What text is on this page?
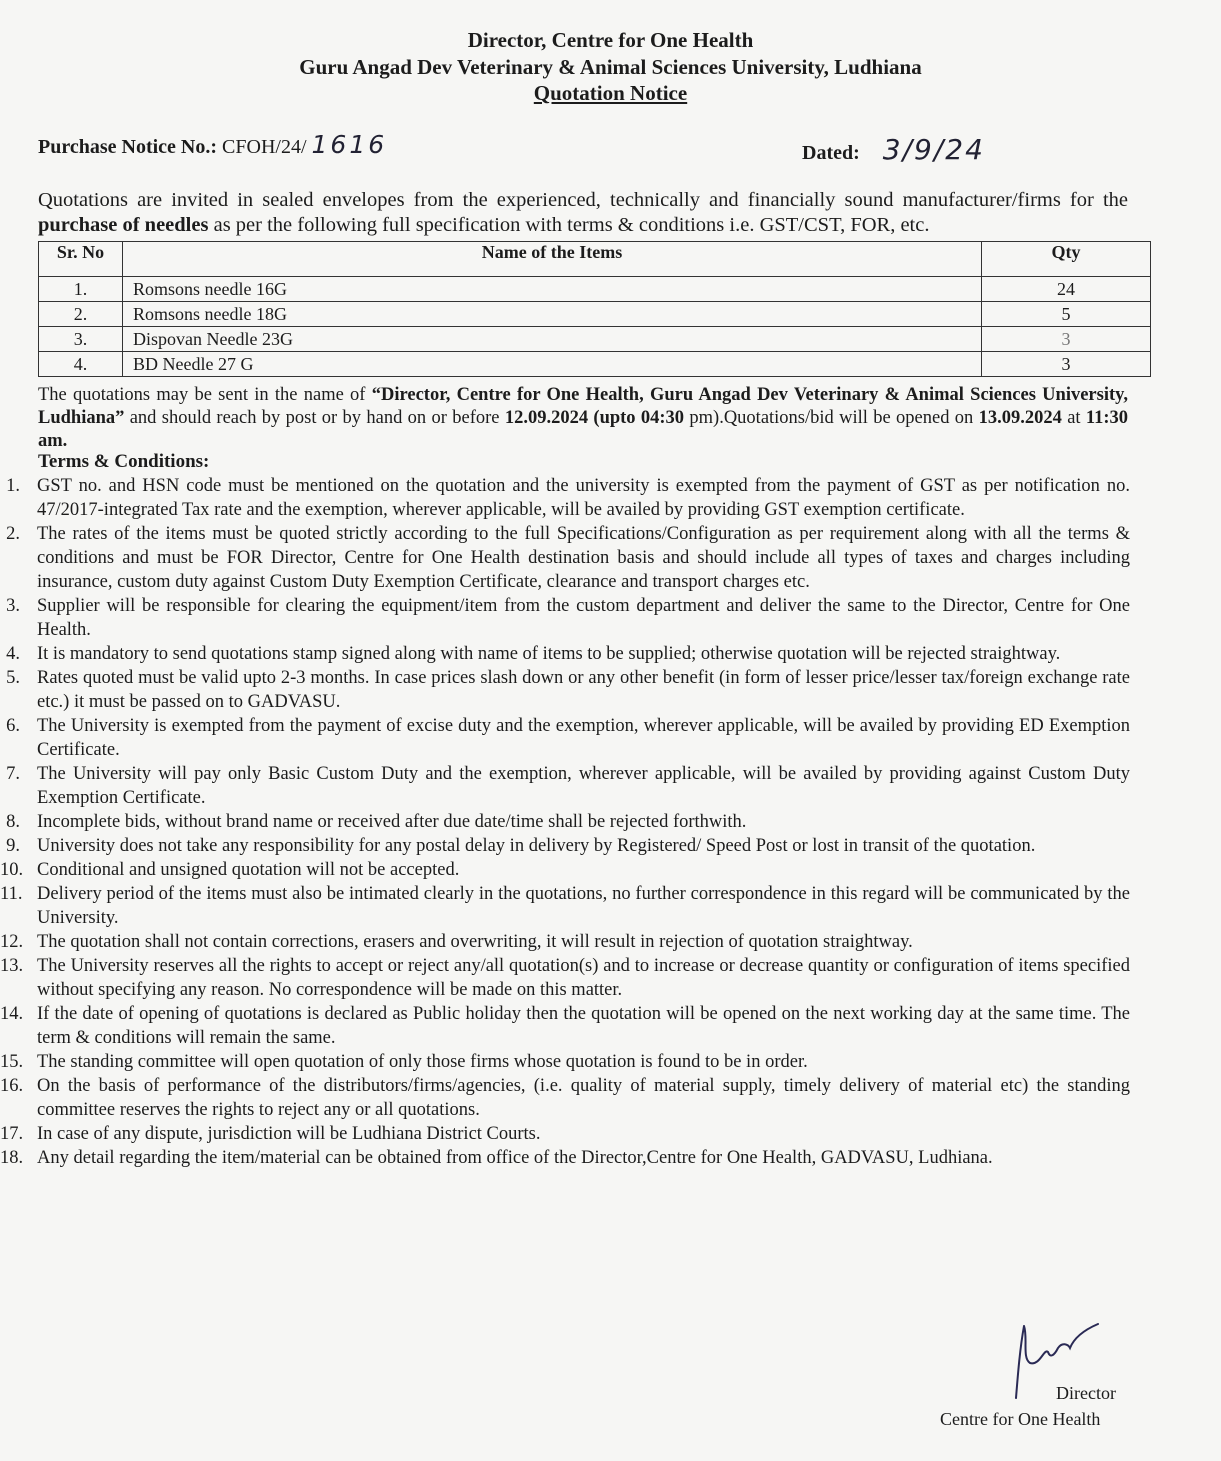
Director, Centre for One Health
Guru Angad Dev Veterinary & Animal Sciences University, Ludhiana
Quotation Notice
Purchase Notice No.: CFOH/24/ 1616	Dated: 3/9/24
Quotations are invited in sealed envelopes from the experienced, technically and financially sound manufacturer/firms for the purchase of needles as per the following full specification with terms & conditions i.e. GST/CST, FOR, etc.
Sr. No	Name of the Items	Qty
1.	Romsons needle 16G	24
2.	Romsons needle 18G	5
3.	Dispovan Needle 23G	3
4.	BD Needle 27 G	3
The quotations may be sent in the name of “Director, Centre for One Health, Guru Angad Dev Veterinary & Animal Sciences University, Ludhiana” and should reach by post or by hand on or before 12.09.2024 (upto 04:30 pm).Quotations/bid will be opened on 13.09.2024 at 11:30 am.
Terms & Conditions:
1. GST no. and HSN code must be mentioned on the quotation and the university is exempted from the payment of GST as per notification no. 47/2017-integrated Tax rate and the exemption, wherever applicable, will be availed by providing GST exemption certificate.
2. The rates of the items must be quoted strictly according to the full Specifications/Configuration as per requirement along with all the terms & conditions and must be FOR Director, Centre for One Health destination basis and should include all types of taxes and charges including insurance, custom duty against Custom Duty Exemption Certificate, clearance and transport charges etc.
3. Supplier will be responsible for clearing the equipment/item from the custom department and deliver the same to the Director, Centre for One Health.
4. It is mandatory to send quotations stamp signed along with name of items to be supplied; otherwise quotation will be rejected straightway.
5. Rates quoted must be valid upto 2-3 months. In case prices slash down or any other benefit (in form of lesser price/lesser tax/foreign exchange rate etc.) it must be passed on to GADVASU.
6. The University is exempted from the payment of excise duty and the exemption, wherever applicable, will be availed by providing ED Exemption Certificate.
7. The University will pay only Basic Custom Duty and the exemption, wherever applicable, will be availed by providing against Custom Duty Exemption Certificate.
8. Incomplete bids, without brand name or received after due date/time shall be rejected forthwith.
9. University does not take any responsibility for any postal delay in delivery by Registered/ Speed Post or lost in transit of the quotation.
10. Conditional and unsigned quotation will not be accepted.
11. Delivery period of the items must also be intimated clearly in the quotations, no further correspondence in this regard will be communicated by the University.
12. The quotation shall not contain corrections, erasers and overwriting, it will result in rejection of quotation straightway.
13. The University reserves all the rights to accept or reject any/all quotation(s) and to increase or decrease quantity or configuration of items specified without specifying any reason. No correspondence will be made on this matter.
14. If the date of opening of quotations is declared as Public holiday then the quotation will be opened on the next working day at the same time. The term & conditions will remain the same.
15. The standing committee will open quotation of only those firms whose quotation is found to be in order.
16. On the basis of performance of the distributors/firms/agencies, (i.e. quality of material supply, timely delivery of material etc) the standing committee reserves the rights to reject any or all quotations.
17. In case of any dispute, jurisdiction will be Ludhiana District Courts.
18. Any detail regarding the item/material can be obtained from office of the Director,Centre for One Health, GADVASU, Ludhiana.
Director
Centre for One Health
